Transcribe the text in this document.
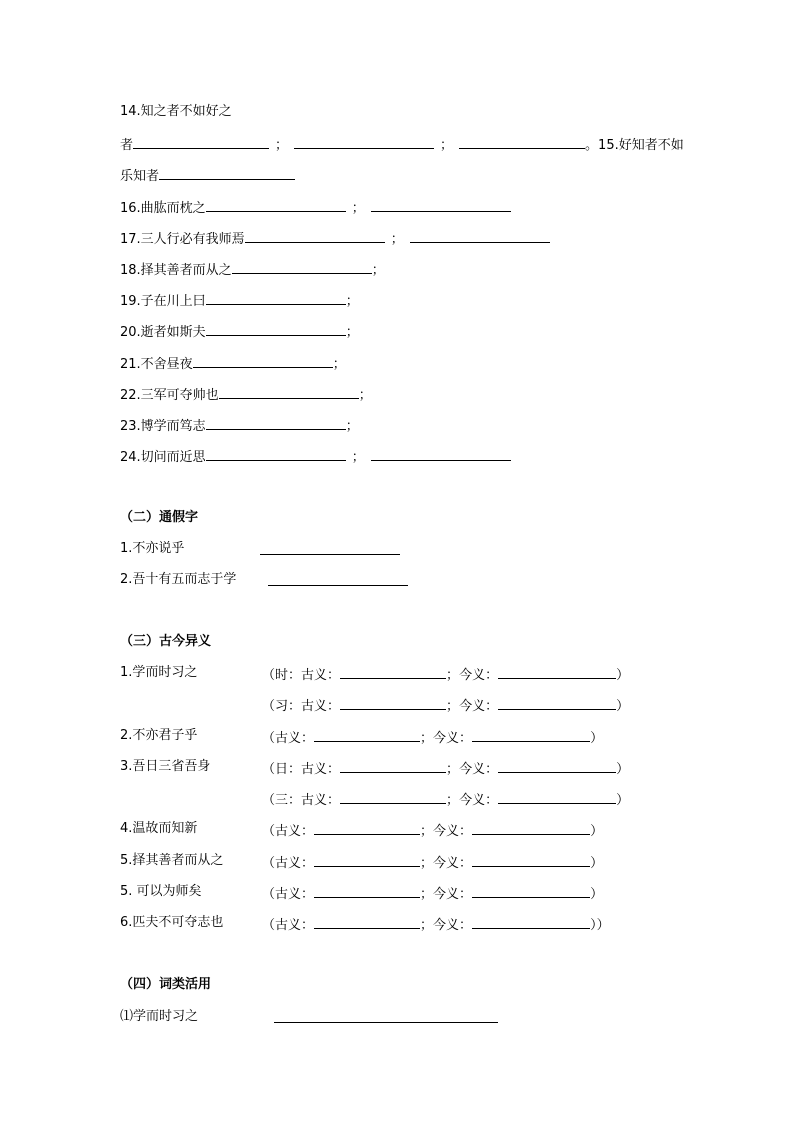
14.知之者不如好之
者	；	；	。15.好知者不如
乐知者
16.曲肱而枕之	；
17.三人行必有我师焉	；
18.择其善者而从之	；
19.子在川上曰	；
20.逝者如斯夫	；
21.不舍昼夜	；
22.三军可夺帅也	；
23.博学而笃志	；
24.切问而近思	；
（二）通假字
1.不亦说乎
2.吾十有五而志于学
（三）古今异义
1.学而时习之	（时：古义：	；今义：	）
（习：古义：	；今义：	）
2.不亦君子乎	（古义：	；今义：	）
3.吾日三省吾身	（日：古义：	；今义：	）
（三：古义：	；今义：	）
4.温故而知新	（古义：	；今义：	）
5.择其善者而从之	（古义：	；今义：	）
5. 可以为师矣	（古义：	；今义：	）
6.匹夫不可夺志也	（古义：	；今义：	））
（四）词类活用
⑴学而时习之
